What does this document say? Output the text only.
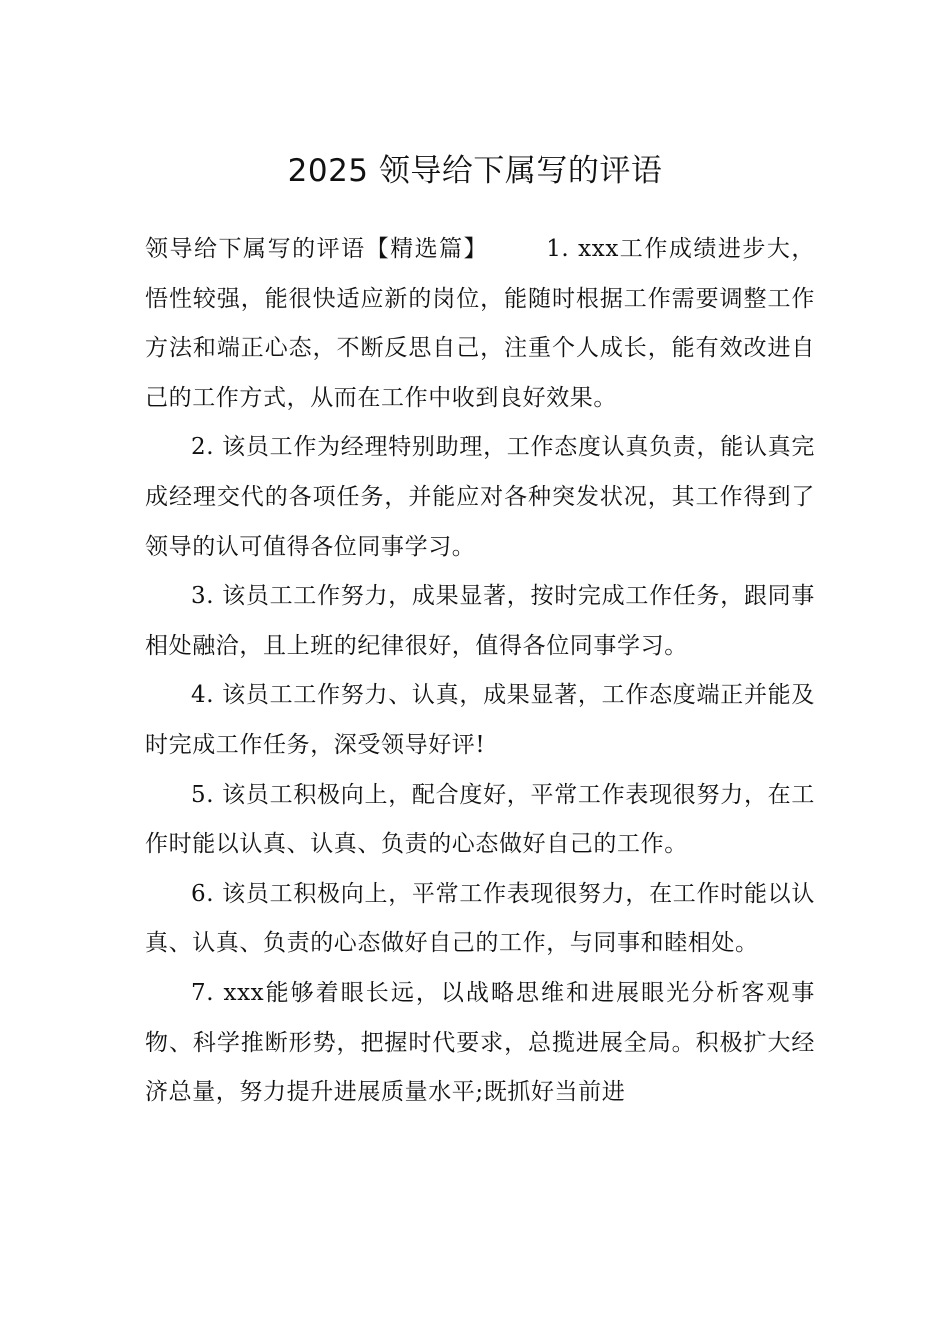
2025 领导给下属写的评语

领导给下属写的评语【精选篇】	1. xxx工作成绩进步大，悟性较强，能很快适应新的岗位，能随时根据工作需要调整工作方法和端正心态，不断反思自己，注重个人成长，能有效改进自己的工作方式，从而在工作中收到良好效果。

2. 该员工作为经理特别助理，工作态度认真负责，能认真完成经理交代的各项任务，并能应对各种突发状况，其工作得到了领导的认可值得各位同事学习。

3. 该员工工作努力，成果显著，按时完成工作任务，跟同事相处融洽，且上班的纪律很好，值得各位同事学习。

4. 该员工工作努力、认真，成果显著，工作态度端正并能及时完成工作任务，深受领导好评!

5. 该员工积极向上，配合度好，平常工作表现很努力，在工作时能以认真、认真、负责的心态做好自己的工作。

6. 该员工积极向上，平常工作表现很努力，在工作时能以认真、认真、负责的心态做好自己的工作，与同事和睦相处。

7. xxx能够着眼长远，以战略思维和进展眼光分析客观事物、科学推断形势，把握时代要求，总揽进展全局。积极扩大经济总量，努力提升进展质量水平;既抓好当前进
